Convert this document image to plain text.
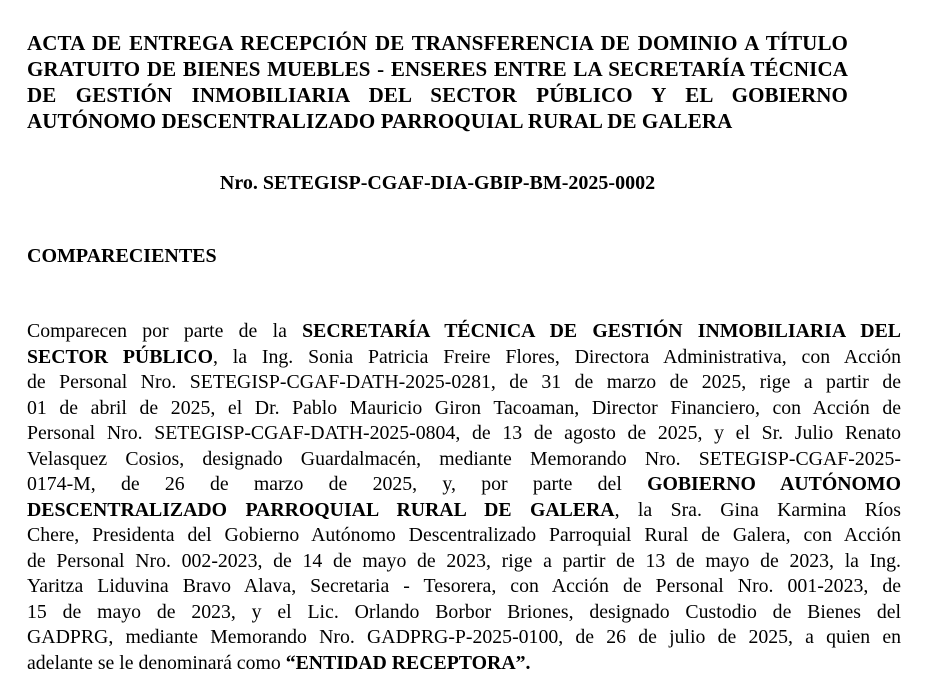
ACTA DE ENTREGA RECEPCIÓN DE TRANSFERENCIA DE DOMINIO A TÍTULO
GRATUITO DE BIENES MUEBLES - ENSERES ENTRE LA SECRETARÍA TÉCNICA
DE GESTIÓN INMOBILIARIA DEL SECTOR PÚBLICO Y EL GOBIERNO
AUTÓNOMO DESCENTRALIZADO PARROQUIAL RURAL DE GALERA
Nro. SETEGISP-CGAF-DIA-GBIP-BM-2025-0002
COMPARECIENTES
Comparecen por parte de la SECRETARÍA TÉCNICA DE GESTIÓN INMOBILIARIA DEL
SECTOR PÚBLICO, la Ing. Sonia Patricia Freire Flores, Directora Administrativa, con Acción
de Personal Nro. SETEGISP-CGAF-DATH-2025-0281, de 31 de marzo de 2025, rige a partir de
01 de abril de 2025, el Dr. Pablo Mauricio Giron Tacoaman, Director Financiero, con Acción de
Personal Nro. SETEGISP-CGAF-DATH-2025-0804, de 13 de agosto de 2025, y el Sr. Julio Renato
Velasquez Cosios, designado Guardalmacén, mediante Memorando Nro. SETEGISP-CGAF-2025-
0174-M, de 26 de marzo de 2025, y, por parte del GOBIERNO AUTÓNOMO
DESCENTRALIZADO PARROQUIAL RURAL DE GALERA, la Sra. Gina Karmina Ríos
Chere, Presidenta del Gobierno Autónomo Descentralizado Parroquial Rural de Galera, con Acción
de Personal Nro. 002-2023, de 14 de mayo de 2023, rige a partir de 13 de mayo de 2023, la Ing.
Yaritza Liduvina Bravo Alava, Secretaria - Tesorera, con Acción de Personal Nro. 001-2023, de
15 de mayo de 2023, y el Lic. Orlando Borbor Briones, designado Custodio de Bienes del
GADPRG, mediante Memorando Nro. GADPRG-P-2025-0100, de 26 de julio de 2025, a quien en
adelante se le denominará como “ENTIDAD RECEPTORA”.
